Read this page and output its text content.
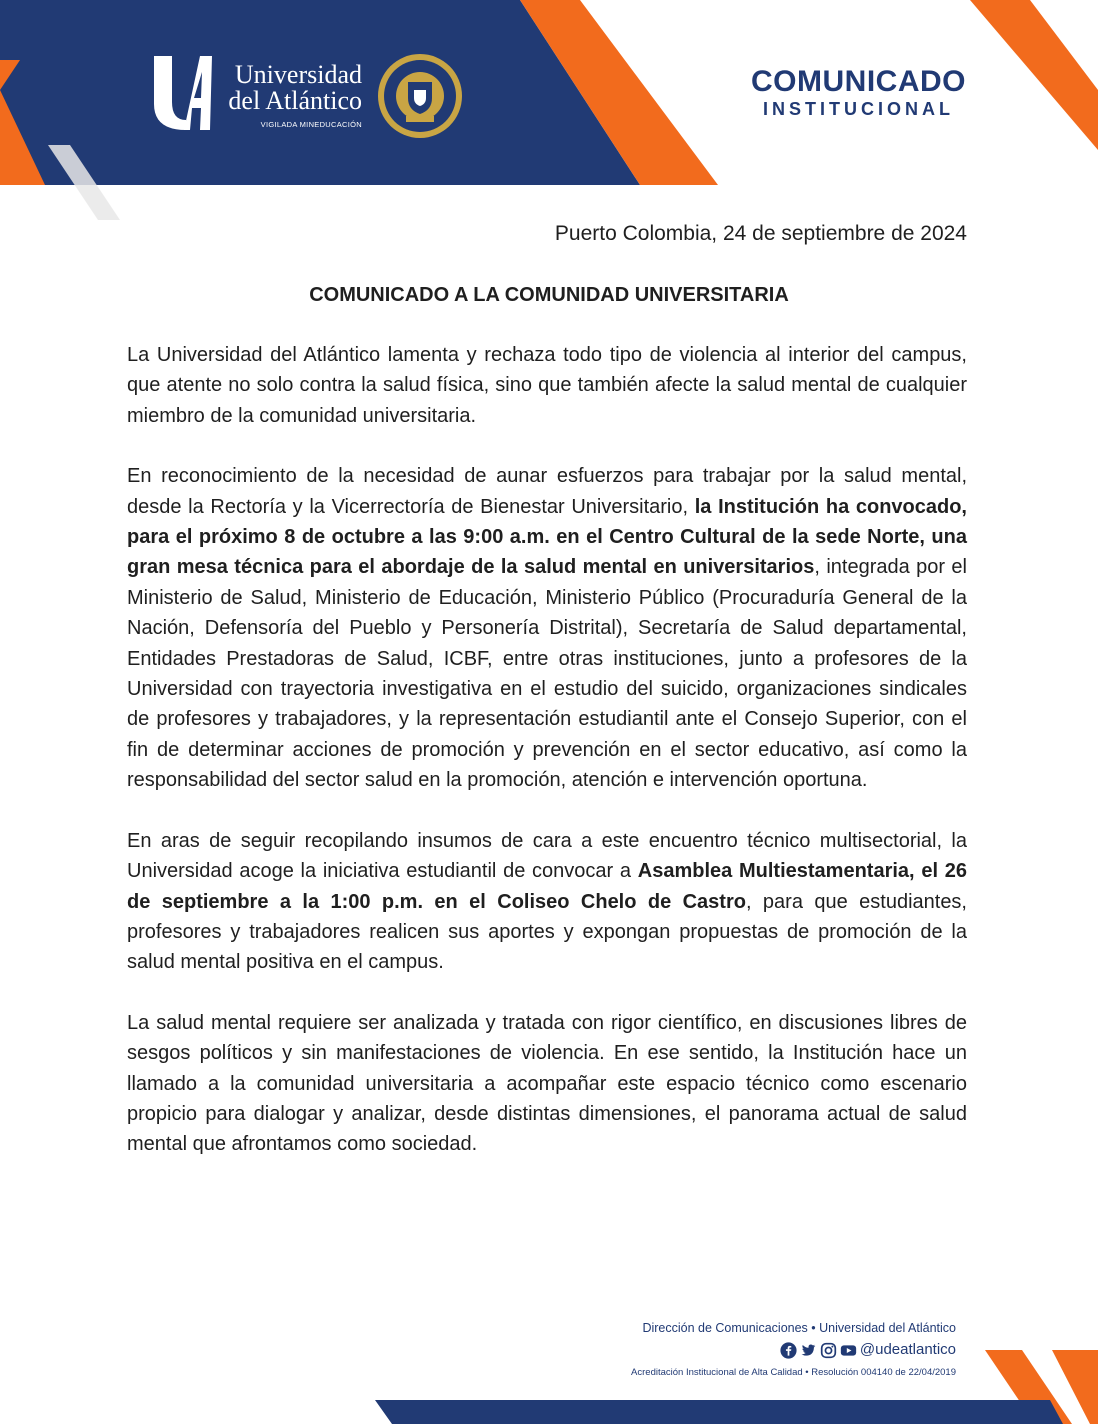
Universidad
del Atlántico
VIGILADA MINEDUCACIÓN
COMUNICADO
INSTITUCIONAL
Puerto Colombia, 24 de septiembre de 2024
COMUNICADO A LA COMUNIDAD UNIVERSITARIA

La Universidad del Atlántico lamenta y rechaza todo tipo de violencia al interior del campus, que atente no solo contra la salud física, sino que también afecte la salud mental de cualquier miembro de la comunidad universitaria.

En reconocimiento de la necesidad de aunar esfuerzos para trabajar por la salud mental, desde la Rectoría y la Vicerrectoría de Bienestar Universitario, la Institución ha convocado, para el próximo 8 de octubre a las 9:00 a.m. en el Centro Cultural de la sede Norte, una gran mesa técnica para el abordaje de la salud mental en universitarios, integrada por el Ministerio de Salud, Ministerio de Educación, Ministerio Público (Procuraduría General de la Nación, Defensoría del Pueblo y Personería Distrital), Secretaría de Salud departamental, Entidades Prestadoras de Salud, ICBF, entre otras instituciones, junto a profesores de la Universidad con trayectoria investigativa en el estudio del suicido, organizaciones sindicales de profesores y trabajadores, y la representación estudiantil ante el Consejo Superior, con el fin de determinar acciones de promoción y prevención en el sector educativo, así como la responsabilidad del sector salud en la promoción, atención e intervención oportuna.

En aras de seguir recopilando insumos de cara a este encuentro técnico multisectorial, la Universidad acoge la iniciativa estudiantil de convocar a Asamblea Multiestamentaria, el 26 de septiembre a la 1:00 p.m. en el Coliseo Chelo de Castro, para que estudiantes, profesores y trabajadores realicen sus aportes y expongan propuestas de promoción de la salud mental positiva en el campus.

La salud mental requiere ser analizada y tratada con rigor científico, en discusiones libres de sesgos políticos y sin manifestaciones de violencia. En ese sentido, la Institución hace un llamado a la comunidad universitaria a acompañar este espacio técnico como escenario propicio para dialogar y analizar, desde distintas dimensiones, el panorama actual de salud mental que afrontamos como sociedad.

Dirección de Comunicaciones • Universidad del Atlántico
@udeatlantico
Acreditación Institucional de Alta Calidad • Resolución 004140 de 22/04/2019
